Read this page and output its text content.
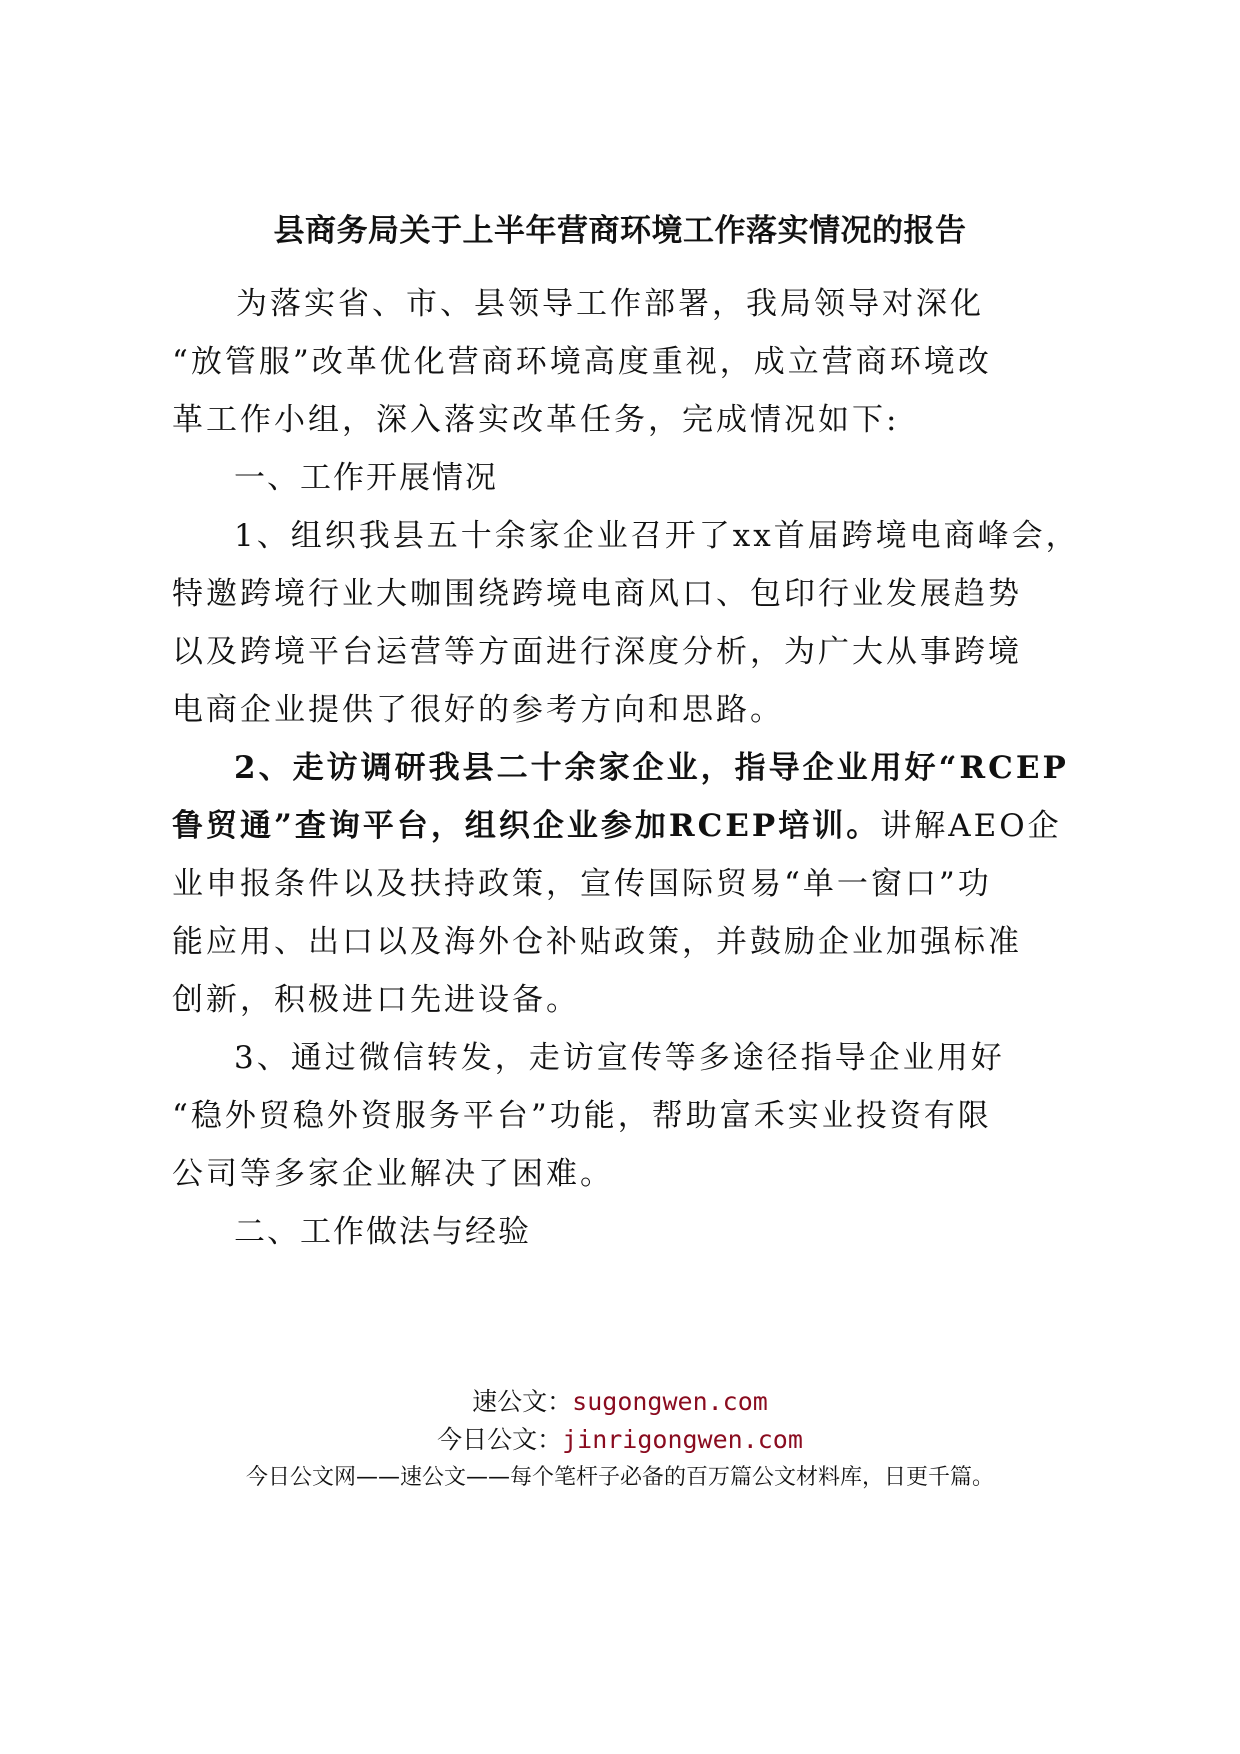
县商务局关于上半年营商环境工作落实情况的报告
为落实省、市、县领导工作部署，我局领导对深化
“放管服”改革优化营商环境高度重视，成立营商环境改
革工作小组，深入落实改革任务，完成情况如下:
一、工作开展情况
1、组织我县五十余家企业召开了xx首届跨境电商峰会，
特邀跨境行业大咖围绕跨境电商风口、包印行业发展趋势
以及跨境平台运营等方面进行深度分析，为广大从事跨境
电商企业提供了很好的参考方向和思路。
2、走访调研我县二十余家企业，指导企业用好“RCEP
鲁贸通”查询平台，组织企业参加RCEP培训。讲解AEO企
业申报条件以及扶持政策，宣传国际贸易“单一窗口”功
能应用、出口以及海外仓补贴政策，并鼓励企业加强标准
创新，积极进口先进设备。
3、通过微信转发，走访宣传等多途径指导企业用好
“稳外贸稳外资服务平台”功能，帮助富禾实业投资有限
公司等多家企业解决了困难。
二、工作做法与经验
速公文：sugongwen.com
今日公文：jinrigongwen.com
今日公文网——速公文——每个笔杆子必备的百万篇公文材料库，日更千篇。
